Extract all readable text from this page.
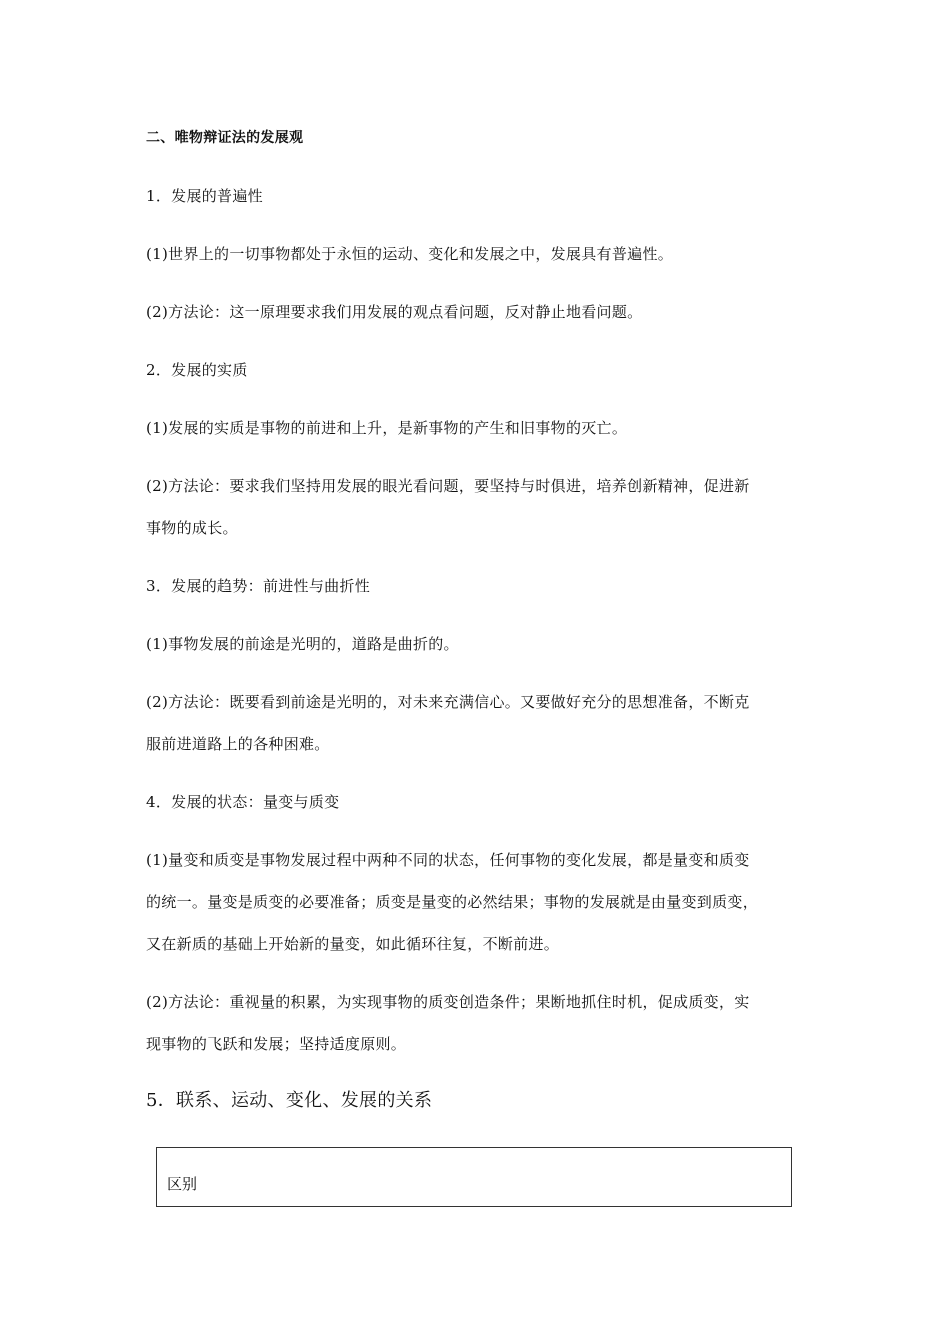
二、唯物辩证法的发展观
1．发展的普遍性
(1)世界上的一切事物都处于永恒的运动、变化和发展之中，发展具有普遍性。
(2)方法论：这一原理要求我们用发展的观点看问题，反对静止地看问题。
2．发展的实质
(1)发展的实质是事物的前进和上升，是新事物的产生和旧事物的灭亡。
(2)方法论：要求我们坚持用发展的眼光看问题，要坚持与时俱进，培养创新精神，促进新
事物的成长。
3．发展的趋势：前进性与曲折性
(1)事物发展的前途是光明的，道路是曲折的。
(2)方法论：既要看到前途是光明的，对未来充满信心。又要做好充分的思想准备，不断克
服前进道路上的各种困难。
4．发展的状态：量变与质变
(1)量变和质变是事物发展过程中两种不同的状态，任何事物的变化发展，都是量变和质变
的统一。量变是质变的必要准备；质变是量变的必然结果；事物的发展就是由量变到质变，
又在新质的基础上开始新的量变，如此循环往复，不断前进。
(2)方法论：重视量的积累，为实现事物的质变创造条件；果断地抓住时机，促成质变，实
现事物的飞跃和发展；坚持适度原则。
5．联系、运动、变化、发展的关系
区别
